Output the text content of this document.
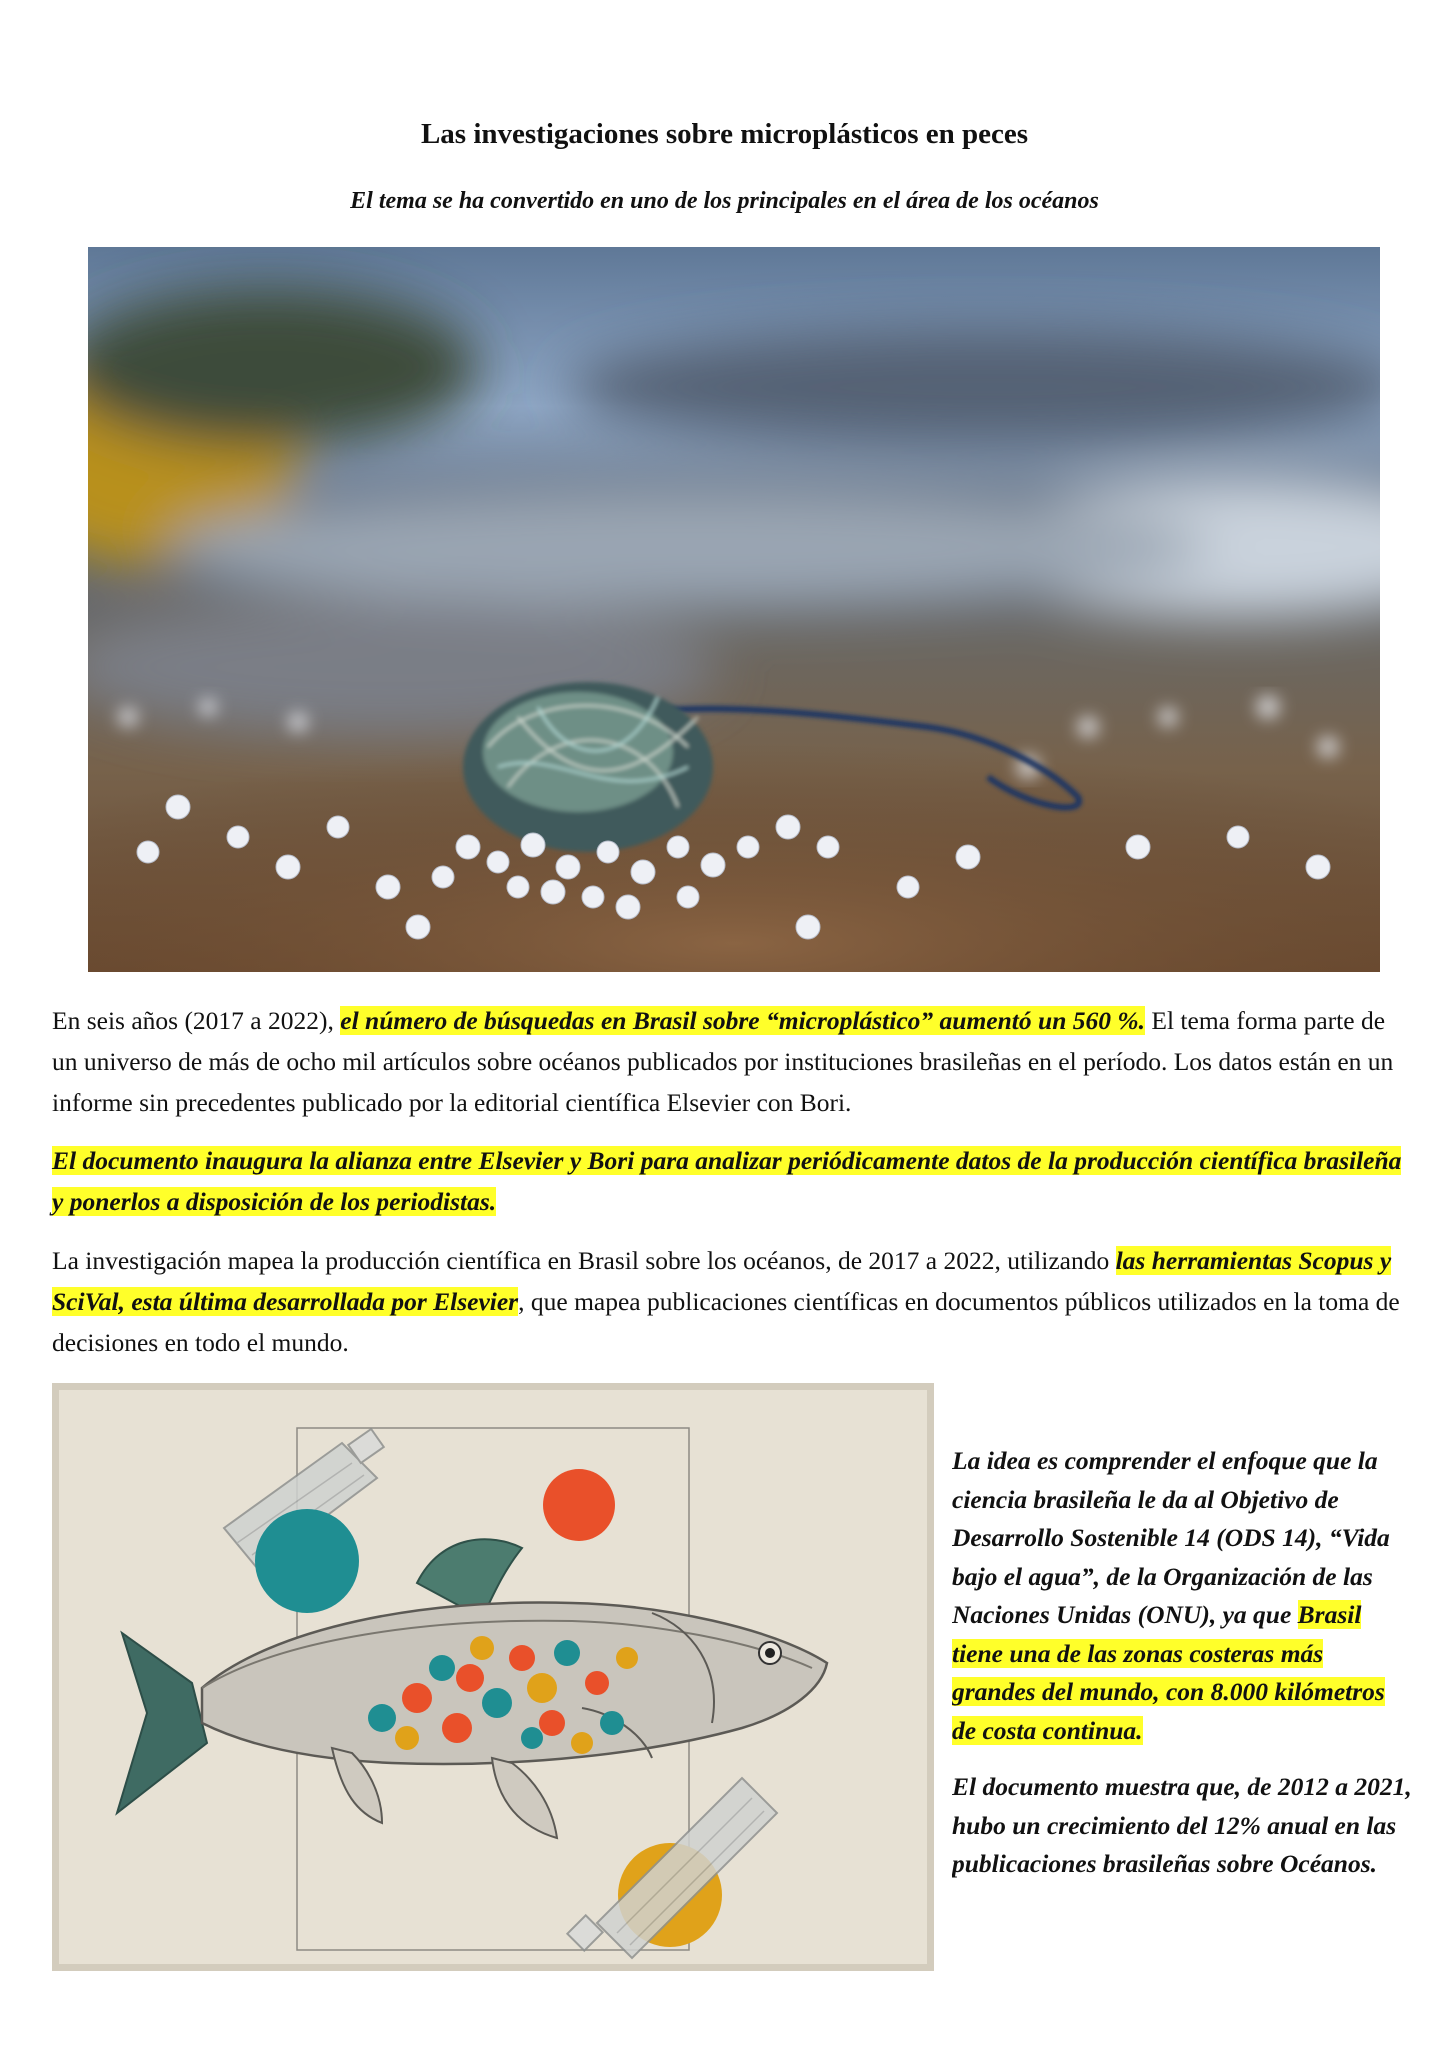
Las investigaciones sobre microplásticos en peces
El tema se ha convertido en uno de los principales en el área de los océanos

En seis años (2017 a 2022), el número de búsquedas en Brasil sobre “microplástico” aumentó un 560 %. El tema forma parte de un universo de más de ocho mil artículos sobre océanos publicados por instituciones brasileñas en el período. Los datos están en un informe sin precedentes publicado por la editorial científica Elsevier con Bori.

El documento inaugura la alianza entre Elsevier y Bori para analizar periódicamente datos de la producción científica brasileña y ponerlos a disposición de los periodistas.

La investigación mapea la producción científica en Brasil sobre los océanos, de 2017 a 2022, utilizando las herramientas Scopus y SciVal, esta última desarrollada por Elsevier, que mapea publicaciones científicas en documentos públicos utilizados en la toma de decisiones en todo el mundo.

La idea es comprender el enfoque que la ciencia brasileña le da al Objetivo de Desarrollo Sostenible 14 (ODS 14), “Vida bajo el agua”, de la Organización de las Naciones Unidas (ONU), ya que Brasil tiene una de las zonas costeras más grandes del mundo, con 8.000 kilómetros de costa continua.

El documento muestra que, de 2012 a 2021, hubo un crecimiento del 12% anual en las publicaciones brasileñas sobre Océanos.
